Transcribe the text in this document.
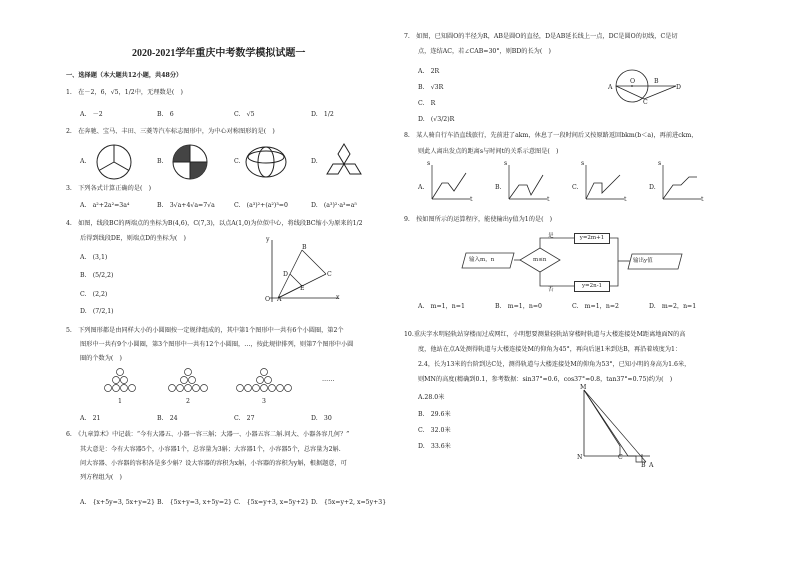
2020-2021学年重庆中考数学模拟试题一
一、选择题（本大题共12小题，共48分）
1.　在－2，6，√5，1/2中，无理数是(　)
A.　－2	B.　6	C.　√5	D.　1/2
2.　在奔驰、宝马、丰田、三菱等汽车标志图形中，为中心对称图形的是(　)
A.	B.	C.	D.
3.　下列各式计算正确的是(　)
A.　a²+2a²=3a⁴	B.　3√a+4√a=7√a	C.　(a³)²+(a²)³=0	D.　(a³)²·a³=a⁵
4.　如图，线段BC的两端点的坐标为B(4,6)，C(7,3)，以点A(1,0)为位似中心，将线段BC缩小为原来的1/2
后得到线段DE，则端点D的坐标为(　)
A.　(3,1)
B.　(5/2,2)
C.　(2,2)
D.　(7/2,1)
y
x
B
C
D
E
O A
5.　下列图形都是由同样大小的小圆圈按一定规律组成的，其中第1个图形中一共有6个小圆圈，第2个
图形中一共有9个小圆圈，第3个图形中一共有12个小圆圈，…，按此规律排列，则第7个图形中小圆
圈的个数为(　)
1	2	3
……
A.　21	B.　24	C.　27	D.　30
6.　《九章算术》中记载：“今有大器五、小器一容三斛；大器一、小器五容二斛.问大、小器各容几何？”
其大意是：今有大容器5个，小容器1个，总容量为3斛；大容器1个，小容器5个，总容量为2斛.
问大容器、小容器的容积各是多少斛？设大容器的容积为x斛，小容器的容积为y斛，根据题意，可
列方程组为(　)
A.　{x+5y=3, 5x+y=2} B.　{5x+y=3, x+5y=2} C.　{5x=y+3, x=5y+2} D.　{5x=y+2, x=5y+3}
7.　如图，已知圆O的半径为R，AB是圆O的直径，D是AB延长线上一点，DC是圆O的切线，C是切
点，连结AC，若∠CAB=30°，则BD的长为(　)
A.　2R
B.　√3R
C.　R
D.　(√3/2)R
A
O	B
D
C
8.　某人骑自行车沿直线旅行，先前进了akm，休息了一段时间后又按原路返回bkm(b＜a)，再前进ckm，
则此人离出发点的距离s与时间t的关系示意图是(　)
A.	B.	C.	D.
s
t
s
t
s
t
s
t
9.　按如图所示的运算程序，能使输出y值为1的是(　)
输入m，n	m≤n
是
否
y=2m+1
y=2n-1
输出y值
A.　m=1，n=1	B.　m=1，n=0	C.　m=1，n=2	D.　m=2，n=1
10.重庆字水明轻轨站穿楼而过成网红，小明想要测量轻轨站穿楼时轨道与大楼连接处M距离地面N的高
度，他站在点A处测得轨道与大楼连接处M的仰角为45°，再向后退1米到达B，再沿着坡度为1：
2.4，长为13米的台阶到达C处，测得轨道与大楼连接处M的仰角为53°，已知小明的身高为1.6米，
则MN的高度(精确到0.1，参考数据：sin37°≈0.6，cos37°≈0.8，tan37°≈0.75)约为(　)
A.28.0米
B.　29.6米
C.　32.0米
D.　33.6米
M
N	C
B A
